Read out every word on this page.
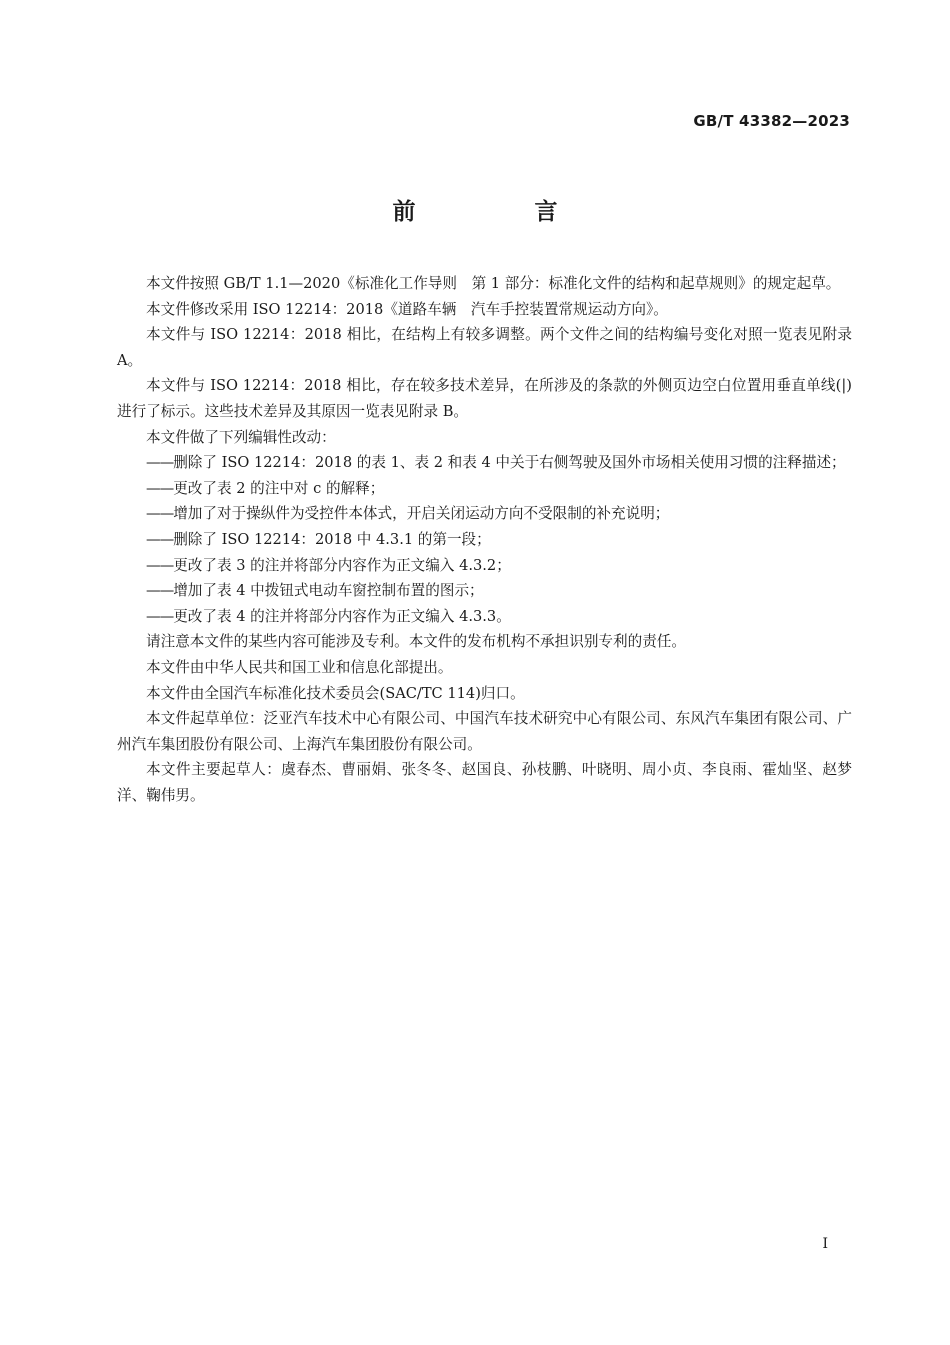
GB/T 43382—2023
前　言

本文件按照 GB/T 1.1—2020《标准化工作导则　第 1 部分：标准化文件的结构和起草规则》的规定起草。

本文件修改采用 ISO 12214：2018《道路车辆　汽车手控装置常规运动方向》。

本文件与 ISO 12214：2018 相比，在结构上有较多调整。两个文件之间的结构编号变化对照一览表见附录 A。

本文件与 ISO 12214：2018 相比，存在较多技术差异，在所涉及的条款的外侧页边空白位置用垂直单线(|)进行了标示。这些技术差异及其原因一览表见附录 B。

本文件做了下列编辑性改动：

——删除了 ISO 12214：2018 的表 1、表 2 和表 4 中关于右侧驾驶及国外市场相关使用习惯的注释描述；

——更改了表 2 的注中对 c 的解释；

——增加了对于操纵件为受控件本体式，开启关闭运动方向不受限制的补充说明；

——删除了 ISO 12214：2018 中 4.3.1 的第一段；

——更改了表 3 的注并将部分内容作为正文编入 4.3.2；

——增加了表 4 中拨钮式电动车窗控制布置的图示；

——更改了表 4 的注并将部分内容作为正文编入 4.3.3。

请注意本文件的某些内容可能涉及专利。本文件的发布机构不承担识别专利的责任。

本文件由中华人民共和国工业和信息化部提出。

本文件由全国汽车标准化技术委员会(SAC/TC 114)归口。

本文件起草单位：泛亚汽车技术中心有限公司、中国汽车技术研究中心有限公司、东风汽车集团有限公司、广州汽车集团股份有限公司、上海汽车集团股份有限公司。

本文件主要起草人：虞春杰、曹丽娟、张冬冬、赵国良、孙枝鹏、叶晓明、周小贞、李良雨、霍灿坚、赵梦洋、鞠伟男。

I
